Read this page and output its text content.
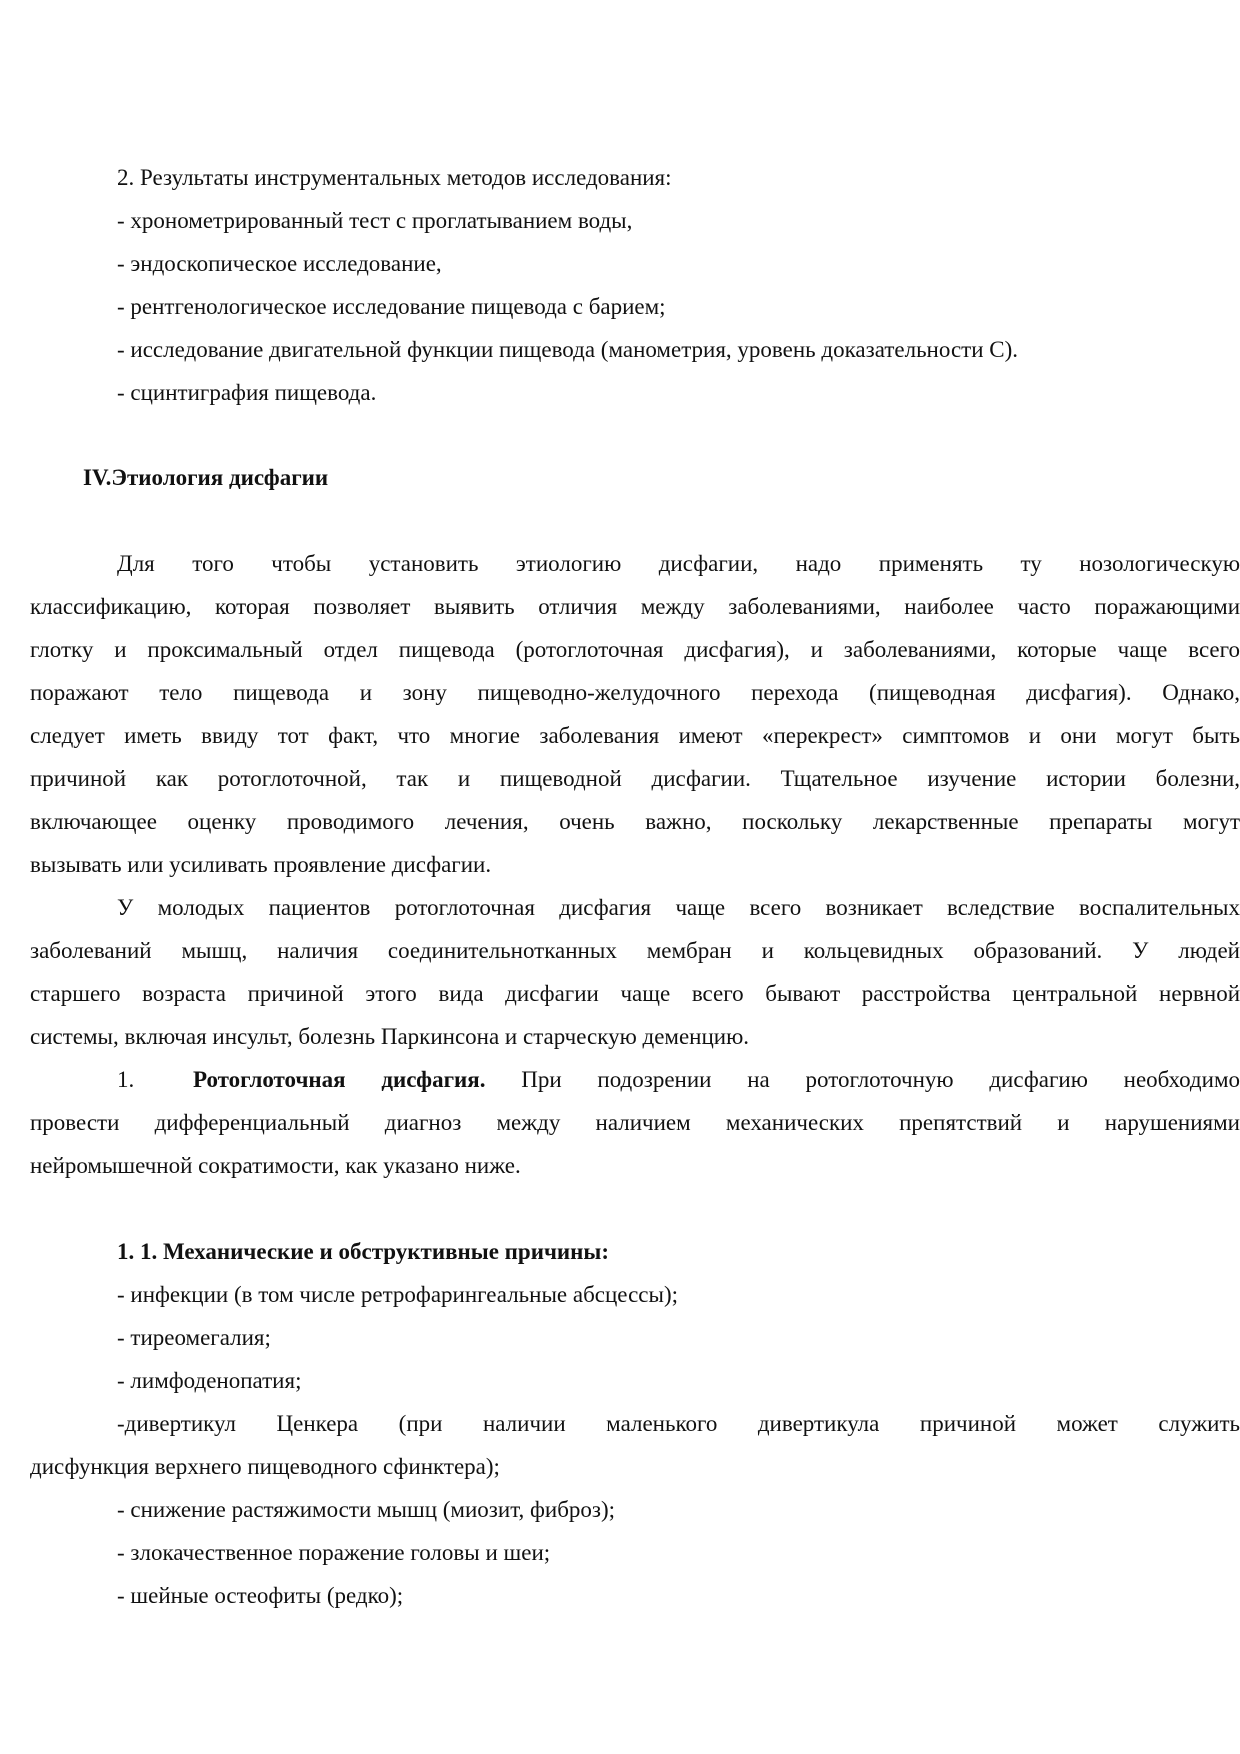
2. Результаты инструментальных методов исследования:
- хронометрированный тест с проглатыванием воды,
- эндоскопическое исследование,
- рентгенологическое исследование пищевода с барием;
- исследование двигательной функции пищевода (манометрия, уровень доказательности С).
- сцинтиграфия пищевода.
IV.Этиология дисфагии
Для того чтобы установить этиологию дисфагии, надо применять ту нозологическую
классификацию, которая позволяет выявить отличия между заболеваниями, наиболее часто поражающими
глотку и проксимальный отдел пищевода (ротоглоточная дисфагия), и заболеваниями, которые чаще всего
поражают тело пищевода и зону пищеводно-желудочного перехода (пищеводная дисфагия). Однако,
следует иметь ввиду тот факт, что многие заболевания имеют «перекрест» симптомов и они могут быть
причиной как ротоглоточной, так и пищеводной дисфагии. Тщательное изучение истории болезни,
включающее оценку проводимого лечения, очень важно, поскольку лекарственные препараты могут
вызывать или усиливать проявление дисфагии.
У молодых пациентов ротоглоточная дисфагия чаще всего возникает вследствие воспалительных
заболеваний мышц, наличия соединительнотканных мембран и кольцевидных образований. У людей
старшего возраста причиной этого вида дисфагии чаще всего бывают расстройства центральной нервной
системы, включая инсульт, болезнь Паркинсона и старческую деменцию.
1.	Ротоглоточная дисфагия. При подозрении на ротоглоточную дисфагию необходимо
провести дифференциальный диагноз между наличием механических препятствий и нарушениями
нейромышечной сократимости, как указано ниже.
1. 1. Механические и обструктивные причины:
- инфекции (в том числе ретрофарингеальные абсцессы);
- тиреомегалия;
- лимфоденопатия;
-дивертикул Ценкера (при наличии маленького дивертикула причиной может служить
дисфункция верхнего пищеводного сфинктера);
- снижение растяжимости мышц (миозит, фиброз);
- злокачественное поражение головы и шеи;
- шейные остеофиты (редко);
